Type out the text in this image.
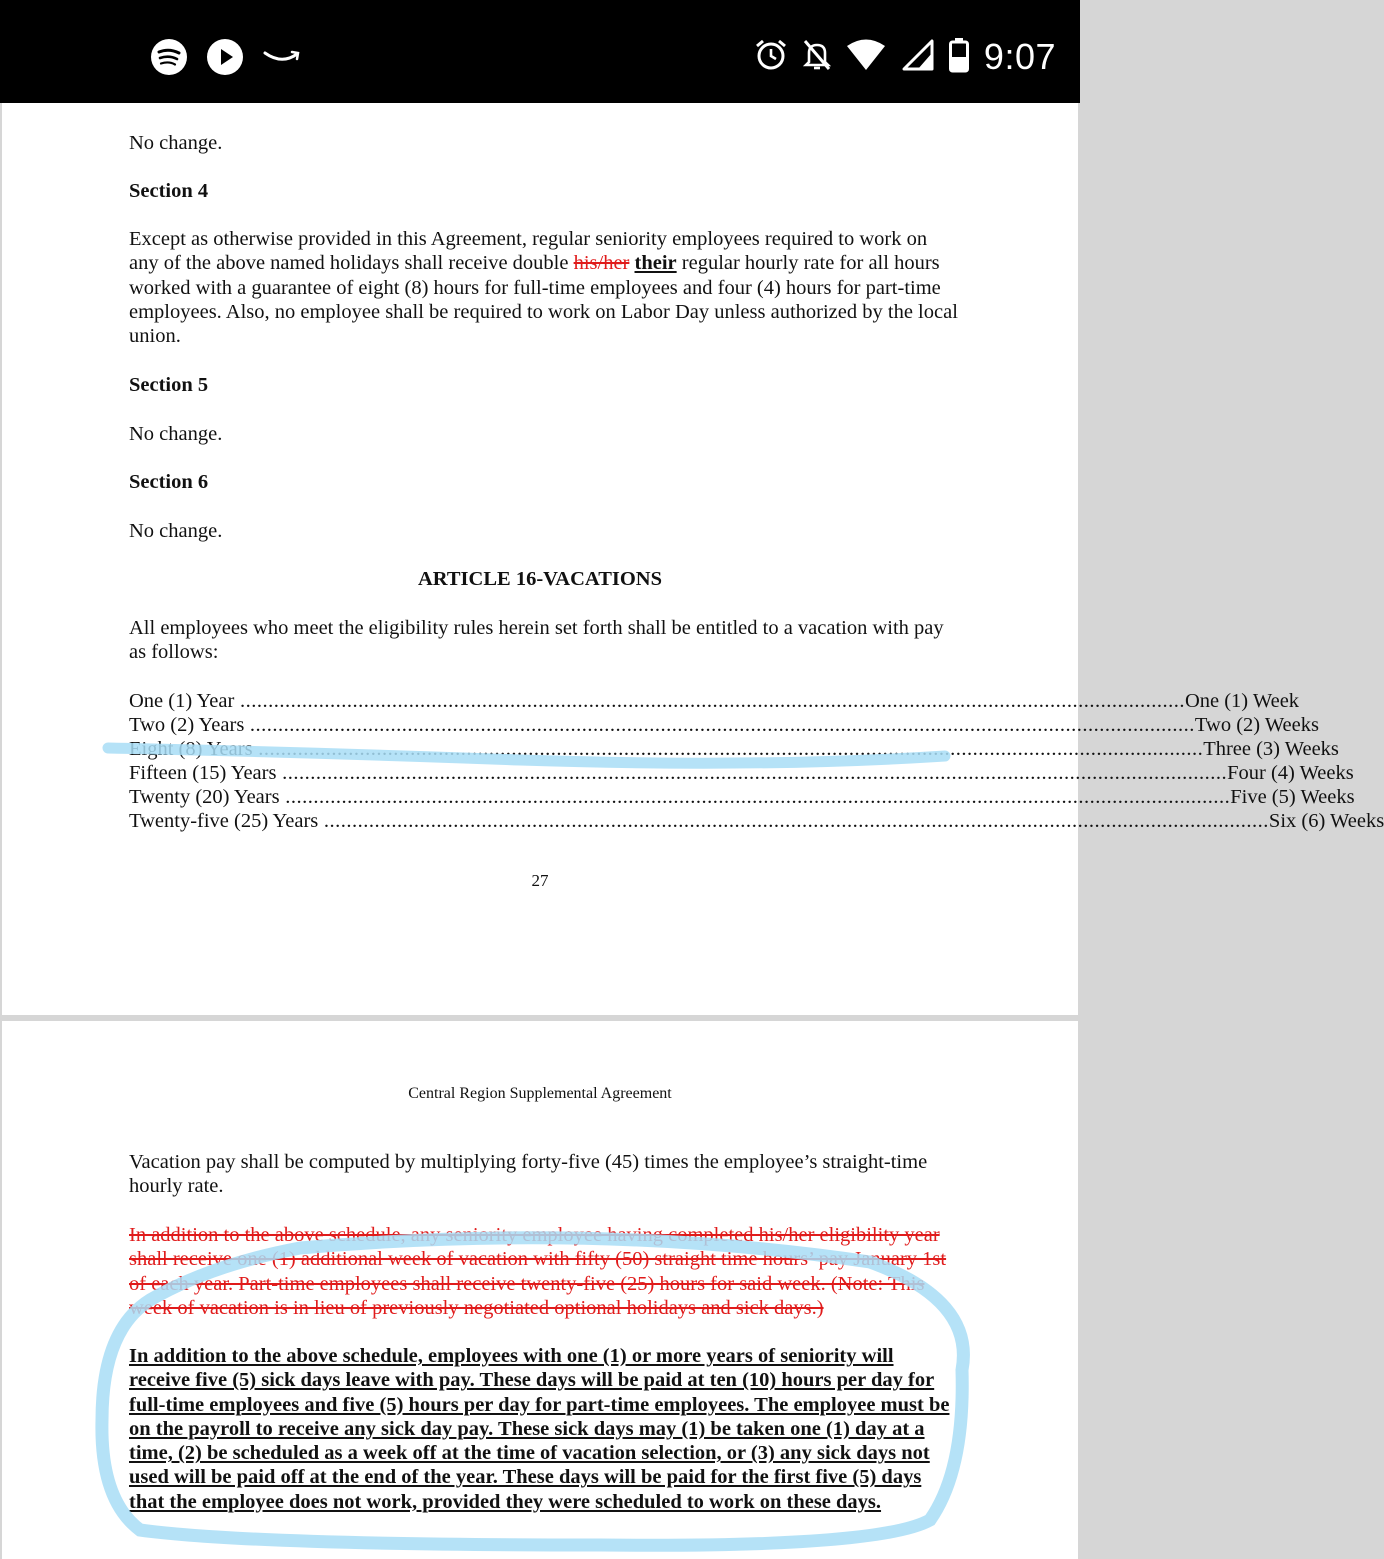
9:07
No change.
Section 4
Except as otherwise provided in this Agreement, regular seniority employees required to work on any of the above named holidays shall receive double his/her their regular hourly rate for all hours worked with a guarantee of eight (8) hours for full-time employees and four (4) hours for part-time employees. Also, no employee shall be required to work on Labor Day unless authorized by the local union.
Section 5
No change.
Section 6
No change.
ARTICLE 16-VACATIONS
All employees who meet the eligibility rules herein set forth shall be entitled to a vacation with pay as follows:
One (1) Year ........................................................................................................................................................................ One (1) Week
Two (2) Years ........................................................................................................................................................................ Two (2) Weeks
Eight (8) Years ........................................................................................................................................................................ Three (3) Weeks
Fifteen (15) Years ........................................................................................................................................................................ Four (4) Weeks
Twenty (20) Years ........................................................................................................................................................................ Five (5) Weeks
Twenty-five (25) Years ........................................................................................................................................................................ Six (6) Weeks
27
Central Region Supplemental Agreement
Vacation pay shall be computed by multiplying forty-five (45) times the employee’s straight-time hourly rate.
In addition to the above schedule, any seniority employee having completed his/her eligibility year shall receive one (1) additional week of vacation with fifty (50) straight time hours’ pay January 1st of each year. Part-time employees shall receive twenty-five (25) hours for said week. (Note: This week of vacation is in lieu of previously negotiated optional holidays and sick days.)
In addition to the above schedule, employees with one (1) or more years of seniority will receive five (5) sick days leave with pay. These days will be paid at ten (10) hours per day for full-time employees and five (5) hours per day for part-time employees. The employee must be on the payroll to receive any sick day pay. These sick days may (1) be taken one (1) day at a time, (2) be scheduled as a week off at the time of vacation selection, or (3) any sick days not used will be paid off at the end of the year. These days will be paid for the first five (5) days that the employee does not work, provided they were scheduled to work on these days.
